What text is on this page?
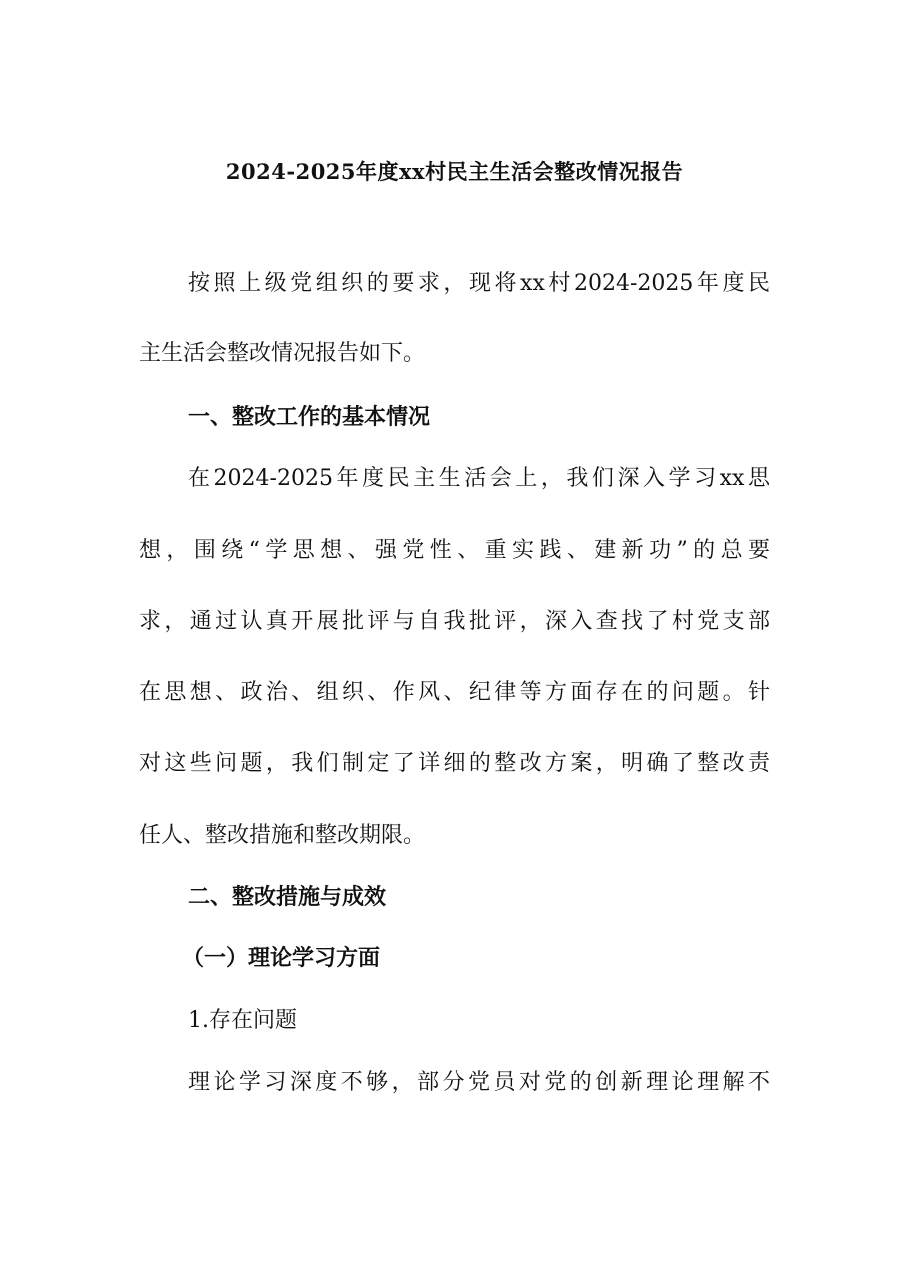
2024-2025年度xx村民主生活会整改情况报告
按照上级党组织的要求，现将xx村2024-2025年度民
主生活会整改情况报告如下。
一、整改工作的基本情况
在2024-2025年度民主生活会上，我们深入学习xx思
想，围绕“学思想、强党性、重实践、建新功”的总要
求，通过认真开展批评与自我批评，深入查找了村党支部
在思想、政治、组织、作风、纪律等方面存在的问题。针
对这些问题，我们制定了详细的整改方案，明确了整改责
任人、整改措施和整改期限。
二、整改措施与成效
（一）理论学习方面
1.存在问题
理论学习深度不够，部分党员对党的创新理论理解不
